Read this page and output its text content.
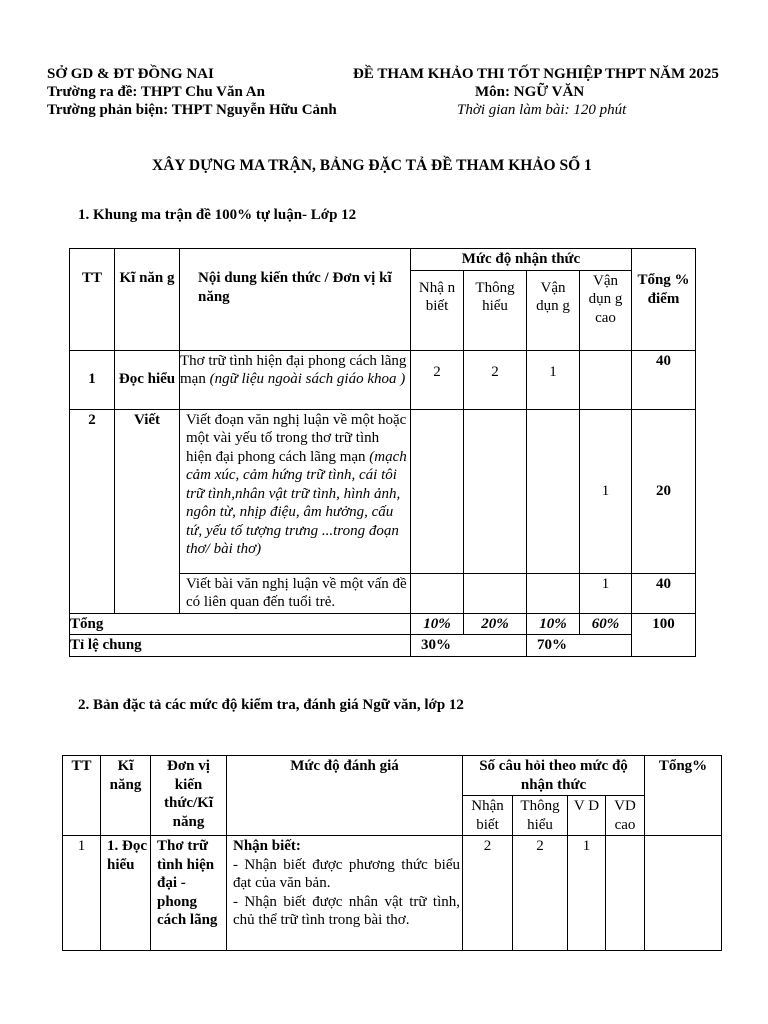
SỞ GD & ĐT ĐỒNG NAI
Trường ra đề: THPT Chu Văn An
Trường phản biện: THPT Nguyễn Hữu Cảnh
ĐỀ THAM KHẢO THI TỐT NGHIỆP THPT NĂM 2025
Môn: NGỮ VĂN
Thời gian làm bài: 120 phút
XÂY DỰNG MA TRẬN, BẢNG ĐẶC TẢ ĐỀ THAM KHẢO SỐ 1
1. Khung ma trận đề 100% tự luận- Lớp 12
TT	Kĩ năn g	Nội dung kiến thức / Đơn vị kĩ năng	Mức độ nhận thức				
			Nhậ n biết	Thông hiểu	Vận dụn g	Vận dụn g cao	Tổng % điểm
1	Đọc hiểu	Thơ trữ tình hiện đại phong cách lãng mạn (ngữ liệu ngoài sách giáo khoa )	2	2	1		40
2	Viết	Viết đoạn văn nghị luận về một hoặc một vài yếu tố trong thơ trữ tình hiện đại phong cách lãng mạn (mạch cảm xúc, cảm hứng trữ tình, cái tôi trữ tình,nhân vật trữ tình, hình ảnh, ngôn từ, nhịp điệu, âm hưởng, cấu tứ, yếu tố tượng trưng ...trong đoạn thơ/ bài thơ)				1	20
		Viết bài văn nghị luận về một vấn đề có liên quan đến tuổi trẻ.				1	40
Tổng			10%	20%	10%	60%	100
Tỉ lệ chung			30%		70%		
2. Bản đặc tả các mức độ kiểm tra, đánh giá Ngữ văn, lớp 12
TT	Kĩ năng	Đơn vị kiến thức/Kĩ năng	Mức độ đánh giá	Số câu hỏi theo mức độ nhận thức				Tổng%
				Nhận biết	Thông hiểu	V D	VD cao	
1	1. Đọc hiểu	Thơ trữ tình hiện đại - phong cách lãng	Nhận biết:
- Nhận biết được phương thức biểu đạt của văn bản.
- Nhận biết được nhân vật trữ tình, chủ thể trữ tình trong bài thơ.	2	2	1		
